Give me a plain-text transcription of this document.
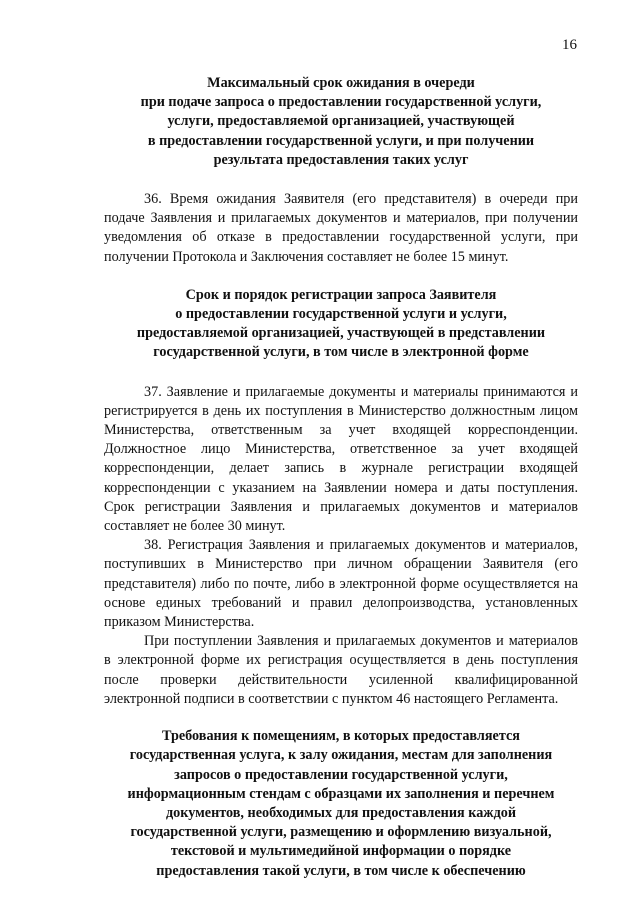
16
Максимальный срок ожидания в очереди
при подаче запроса о предоставлении государственной услуги,
услуги, предоставляемой организацией, участвующей
в предоставлении государственной услуги, и при получении
результата предоставления таких услуг

36. Время ожидания Заявителя (его представителя) в очереди при подаче Заявления и прилагаемых документов и материалов, при получении уведомления об отказе в предоставлении государственной услуги, при получении Протокола и Заключения составляет не более 15 минут.

Срок и порядок регистрации запроса Заявителя
о предоставлении государственной услуги и услуги,
предоставляемой организацией, участвующей в представлении
государственной услуги, в том числе в электронной форме

37. Заявление и прилагаемые документы и материалы принимаются и регистрируется в день их поступления в Министерство должностным лицом Министерства, ответственным за учет входящей корреспонденции. Должностное лицо Министерства, ответственное за учет входящей корреспонденции, делает запись в журнале регистрации входящей корреспонденции с указанием на Заявлении номера и даты поступления. Срок регистрации Заявления и прилагаемых документов и материалов составляет не более 30 минут.

38. Регистрация Заявления и прилагаемых документов и материалов, поступивших в Министерство при личном обращении Заявителя (его представителя) либо по почте, либо в электронной форме осуществляется на основе единых требований и правил делопроизводства, установленных приказом Министерства.

При поступлении Заявления и прилагаемых документов и материалов в электронной форме их регистрация осуществляется в день поступления после проверки действительности усиленной квалифицированной электронной подписи в соответствии с пунктом 46 настоящего Регламента.

Требования к помещениям, в которых предоставляется
государственная услуга, к залу ожидания, местам для заполнения
запросов о предоставлении государственной услуги,
информационным стендам с образцами их заполнения и перечнем
документов, необходимых для предоставления каждой
государственной услуги, размещению и оформлению визуальной,
текстовой и мультимедийной информации о порядке
предоставления такой услуги, в том числе к обеспечению
